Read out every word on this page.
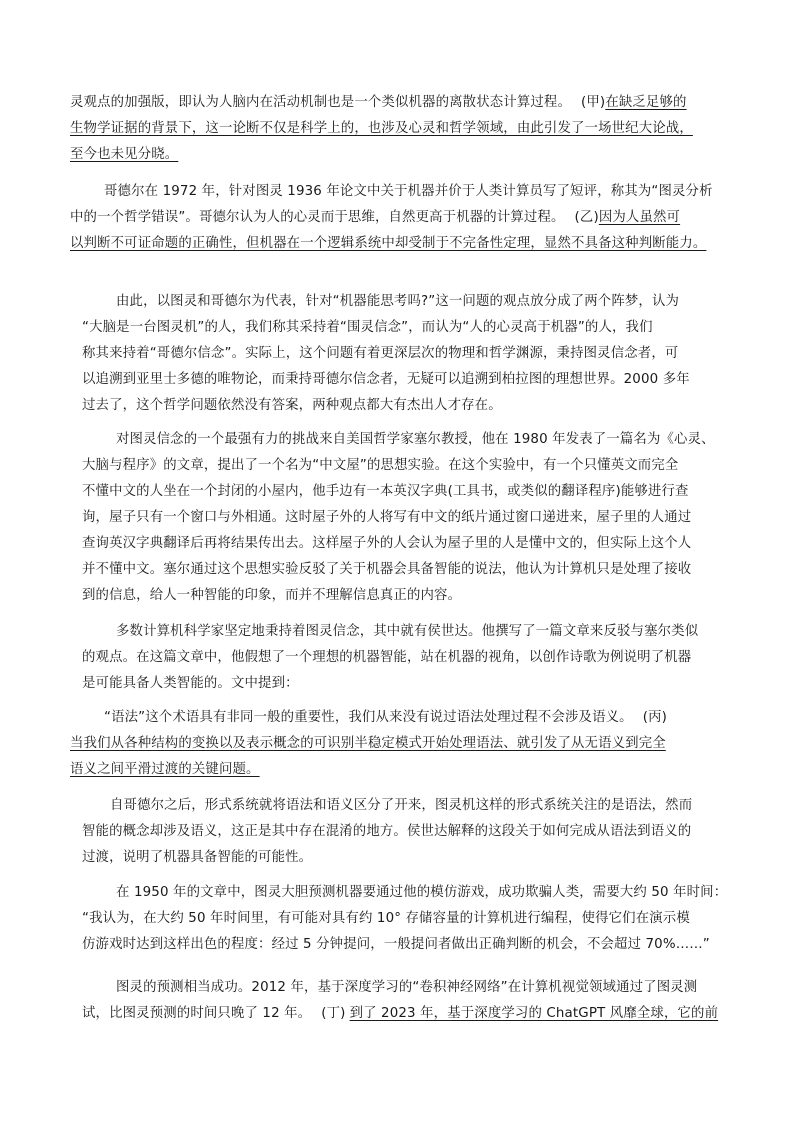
灵观点的加强版，即认为人脑内在活动机制也是一个类似机器的离散状态计算过程。 (甲)在缺乏足够的
生物学证据的背景下，这一论断不仅是科学上的，也涉及心灵和哲学领域，由此引发了一场世纪大论战，
至今也未见分晓。
哥德尔在 1972 年，针对图灵 1936 年论文中关于机器并价于人类计算员写了短评，称其为“图灵分析
中的一个哲学错误”。哥德尔认为人的心灵而于思维，自然更高于机器的计算过程。 (乙)因为人虽然可
以判断不可证命题的正确性，但机器在一个逻辑系统中却受制于不完备性定理，显然不具备这种判断能力。
由此，以图灵和哥德尔为代表，针对“机器能思考吗?”这一问题的观点放分成了两个阵梦，认为
“大脑是一台图灵机”的人，我们称其采持着“围灵信念”，而认为“人的心灵高于机器”的人，我们
称其来持着“哥德尔信念”。实际上，这个问题有着更深层次的物理和哲学渊源，秉持图灵信念者，可
以追溯到亚里士多德的唯物论，而秉持哥德尔信念者，无疑可以追溯到柏拉图的理想世界。2000 多年
过去了，这个哲学问题依然没有答案，两种观点都大有杰出人才存在。
对图灵信念的一个最强有力的挑战来自美国哲学家塞尔教授，他在 1980 年发表了一篇名为《心灵、
大脑与程序》的文章，提出了一个名为“中文屋”的思想实验。在这个实验中，有一个只懂英文而完全
不懂中文的人坐在一个封闭的小屋内，他手边有一本英汉字典(工具书，或类似的翻译程序)能够进行查
询，屋子只有一个窗口与外相通。这时屋子外的人将写有中文的纸片通过窗口递进来，屋子里的人通过
查询英汉字典翻译后再将结果传出去。这样屋子外的人会认为屋子里的人是懂中文的，但实际上这个人
并不懂中文。塞尔通过这个思想实验反驳了关于机器会具备智能的说法，他认为计算机只是处理了接收
到的信息，给人一种智能的印象，而并不理解信息真正的内容。
多数计算机科学家坚定地秉持着图灵信念，其中就有侯世达。他撰写了一篇文章来反驳与塞尔类似
的观点。在这篇文章中，他假想了一个理想的机器智能，站在机器的视角，以创作诗歌为例说明了机器
是可能具备人类智能的。文中提到：
“语法”这个术语具有非同一般的重要性，我们从来没有说过语法处理过程不会涉及语义。 (丙)
当我们从各种结构的变换以及表示概念的可识别半稳定模式开始处理语法、就引发了从无语义到完全
语义之间平滑过渡的关键问题。
自哥德尔之后，形式系统就将语法和语义区分了开来，图灵机这样的形式系统关注的是语法，然而
智能的概念却涉及语义，这正是其中存在混淆的地方。侯世达解释的这段关于如何完成从语法到语义的
过渡，说明了机器具备智能的可能性。
在 1950 年的文章中，图灵大胆预测机器要通过他的模仿游戏，成功欺骗人类，需要大约 50 年时间：
“我认为，在大约 50 年时间里，有可能对具有约 10° 存储容量的计算机进行编程，使得它们在演示模
仿游戏时达到这样出色的程度：经过 5 分钟提问，一般提问者做出正确判断的机会，不会超过 70%……”
图灵的预测相当成功。2012 年，基于深度学习的“卷积神经网络”在计算机视觉领域通过了图灵测
试，比图灵预测的时间只晚了 12 年。 (丁) 到了 2023 年，基于深度学习的 ChatGPT 风靡全球，它的前
